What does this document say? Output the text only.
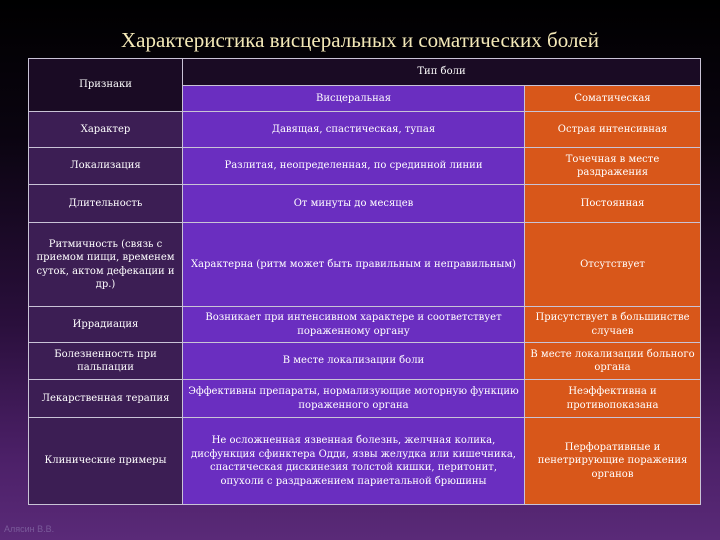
Характеристика висцеральных и соматических болей
Признаки	Тип боли	
	Висцеральная	Соматическая
Характер	Давящая, спастическая, тупая	Острая интенсивная
Локализация	Разлитая, неопределенная, по срединной линии	Точечная в месте раздражения
Длительность	От минуты до месяцев	Постоянная
Ритмичность (связь с приемом пищи, временем суток, актом дефекации и др.)	Характерна (ритм может быть правильным и неправильным)	Отсутствует
Иррадиация	Возникает при интенсивном характере и соответствует пораженному органу	Присутствует в большинстве случаев
Болезненность при пальпации	В месте локализации боли	В месте локализации больного органа
Лекарственная терапия	Эффективны препараты, нормализующие моторную функцию пораженного органа	Неэффективна и противопоказана
Клинические примеры	Не осложненная язвенная болезнь, желчная колика, дисфункция сфинктера Одди, язвы желудка или кишечника, спастическая дискинезия толстой кишки, перитонит, опухоли с раздражением париетальной брюшины	Перфоративные и пенетрирующие поражения органов
Алясин В.В.
